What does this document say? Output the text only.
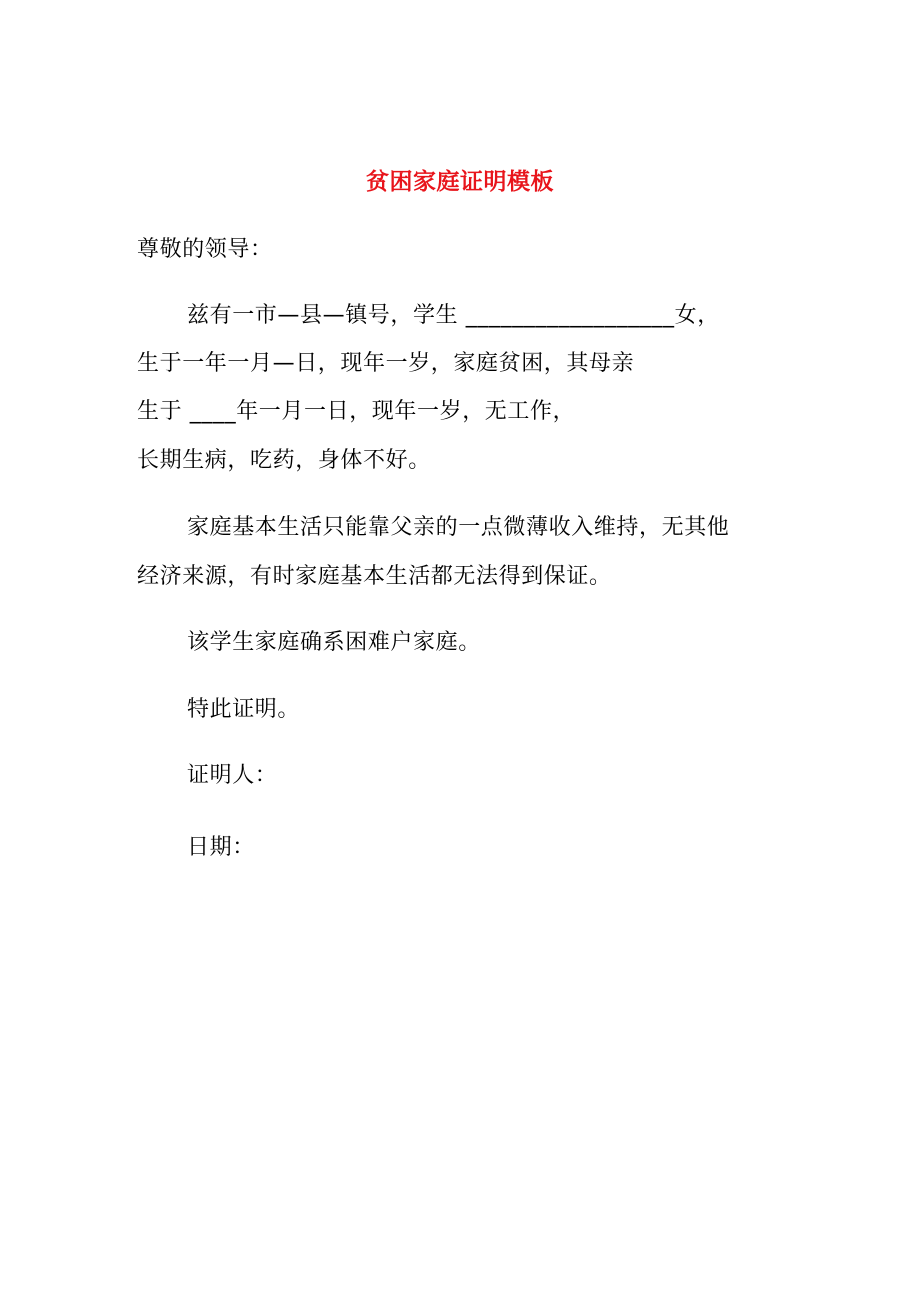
贫困家庭证明模板
尊敬的领导：
兹有一市—县—镇号，学生 __________________女，
生于一年一月—日，现年一岁，家庭贫困，其母亲
生于 ____年一月一日，现年一岁，无工作，
长期生病，吃药，身体不好。
家庭基本生活只能靠父亲的一点微薄收入维持，无其他
经济来源，有时家庭基本生活都无法得到保证。
该学生家庭确系困难户家庭。
特此证明。
证明人：
日期：
